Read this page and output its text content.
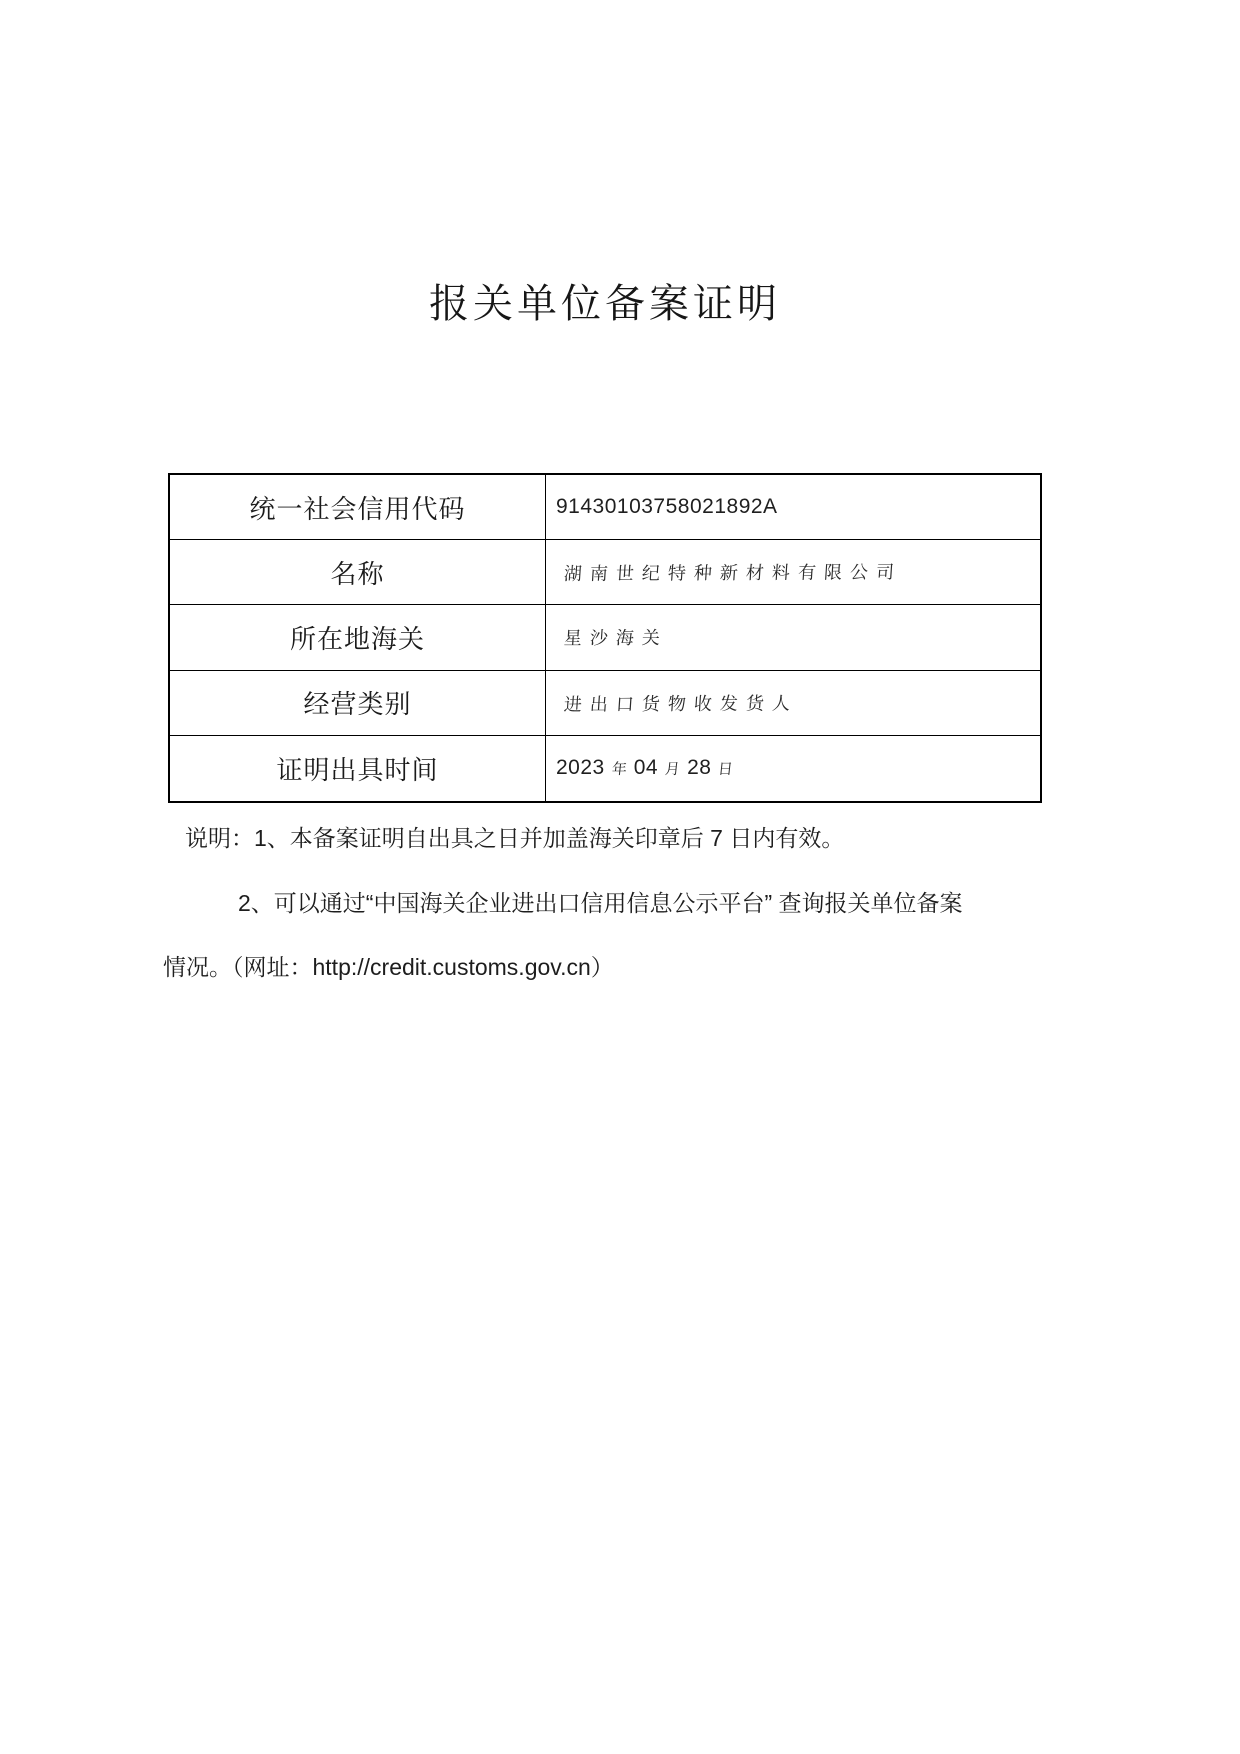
报关单位备案证明
统一社会信用代码	91430103758021892A
名称	湖南世纪特种新材料有限公司
所在地海关	星沙海关
经营类别	进出口货物收发货人
证明出具时间	2023 年 04 月 28 日

说明：1、本备案证明自出具之日并加盖海关印章后 7 日内有效。

2、可以通过“中国海关企业进出口信用信息公示平台” 查询报关单位备案

情况。（网址：http://credit.customs.gov.cn）
